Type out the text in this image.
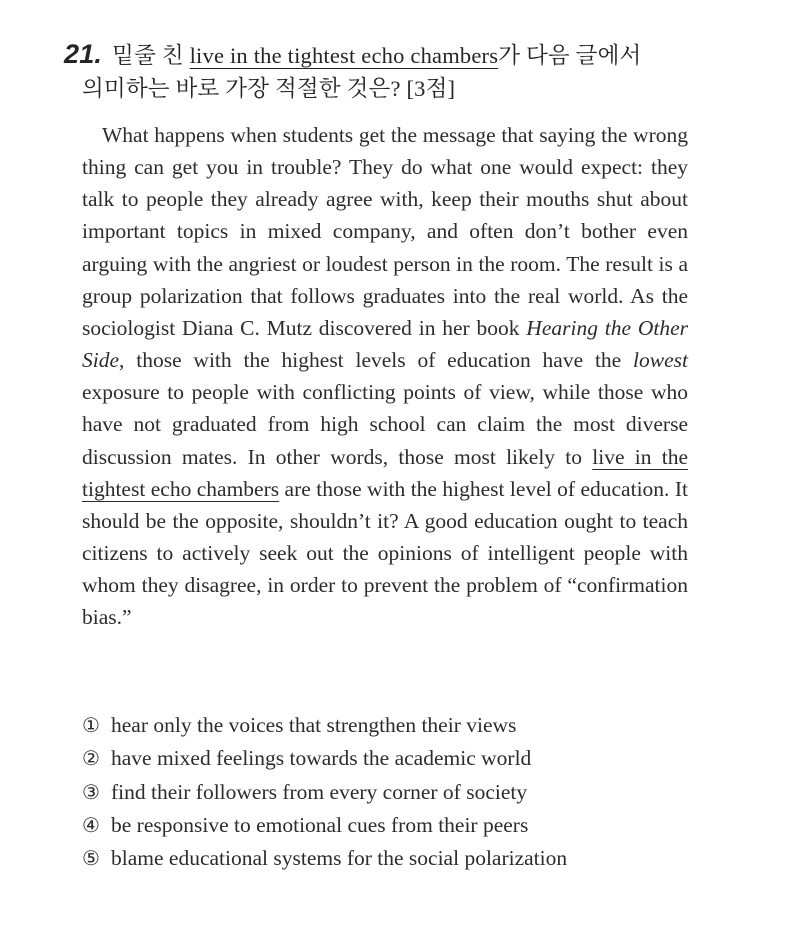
21. 밑줄 친 live in the tightest echo chambers가 다음 글에서
의미하는 바로 가장 적절한 것은? [3점]
What happens when students get the message that saying the wrong thing can get you in trouble? They do what one would expect: they talk to people they already agree with, keep their mouths shut about important topics in mixed company, and often don’t bother even arguing with the angriest or loudest person in the room. The result is a group polarization that follows graduates into the real world. As the sociologist Diana C. Mutz discovered in her book Hearing the Other Side, those with the highest levels of education have the lowest exposure to people with conflicting points of view, while those who have not graduated from high school can claim the most diverse discussion mates. In other words, those most likely to live in the tightest echo chambers are those with the highest level of education. It should be the opposite, shouldn’t it? A good education ought to teach citizens to actively seek out the opinions of intelligent people with whom they disagree, in order to prevent the problem of “confirmation bias.”
① hear only the voices that strengthen their views
② have mixed feelings towards the academic world
③ find their followers from every corner of society
④ be responsive to emotional cues from their peers
⑤ blame educational systems for the social polarization
